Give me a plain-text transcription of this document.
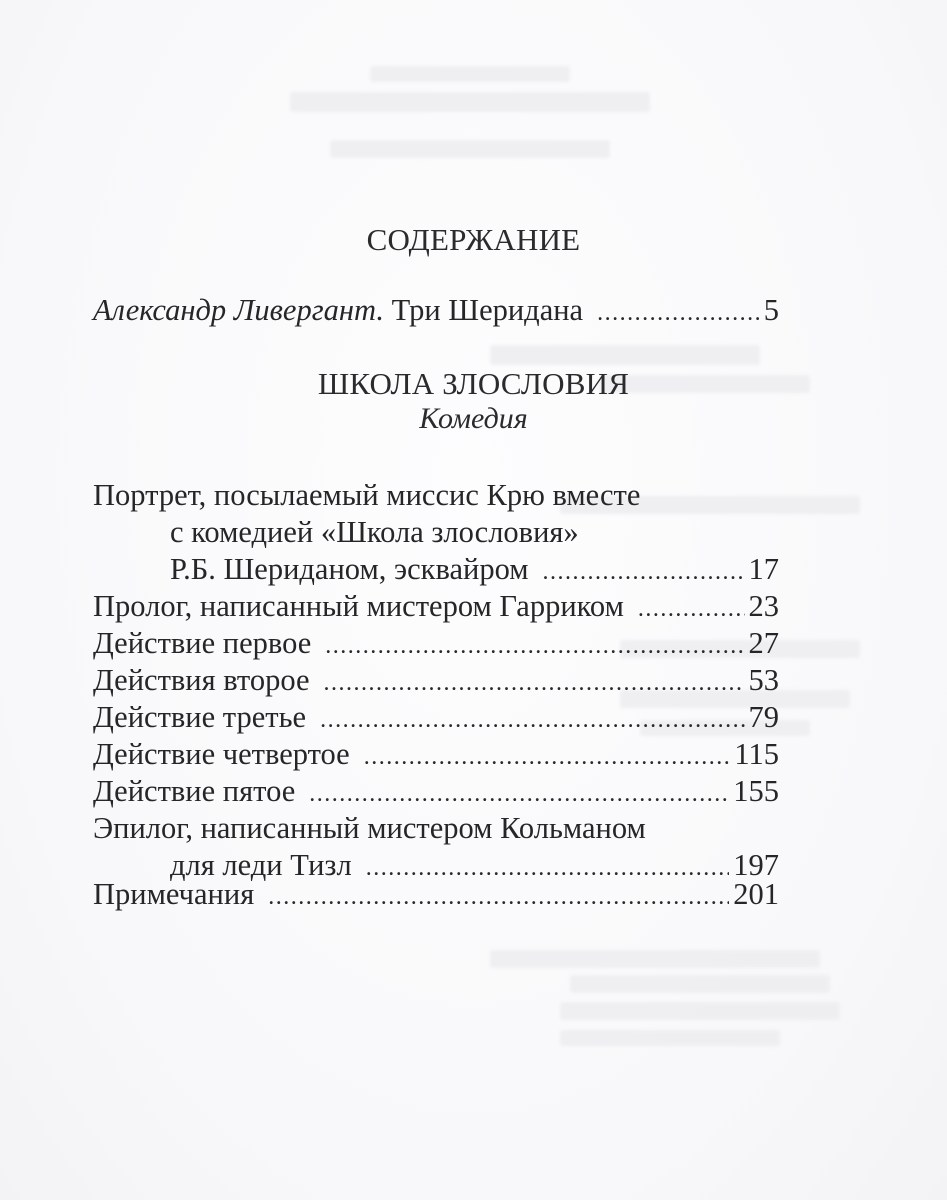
СОДЕРЖАНИЕ
Александр Ливергант. Три Шеридана .....	5
ШКОЛА ЗЛОСЛОВИЯ
Комедия
Портрет, посылаемый миссис Крю вместе
с комедией «Школа злословия»
Р.Б. Шериданом, эсквайром .....	17
Пролог, написанный мистером Гарриком .....	23
Действие первое .....	27
Действия второе .....	53
Действие третье .....	79
Действие четвертое .....	115
Действие пятое .....	155
Эпилог, написанный мистером Кольманом
для леди Тизл .....	197
Примечания .....	201
